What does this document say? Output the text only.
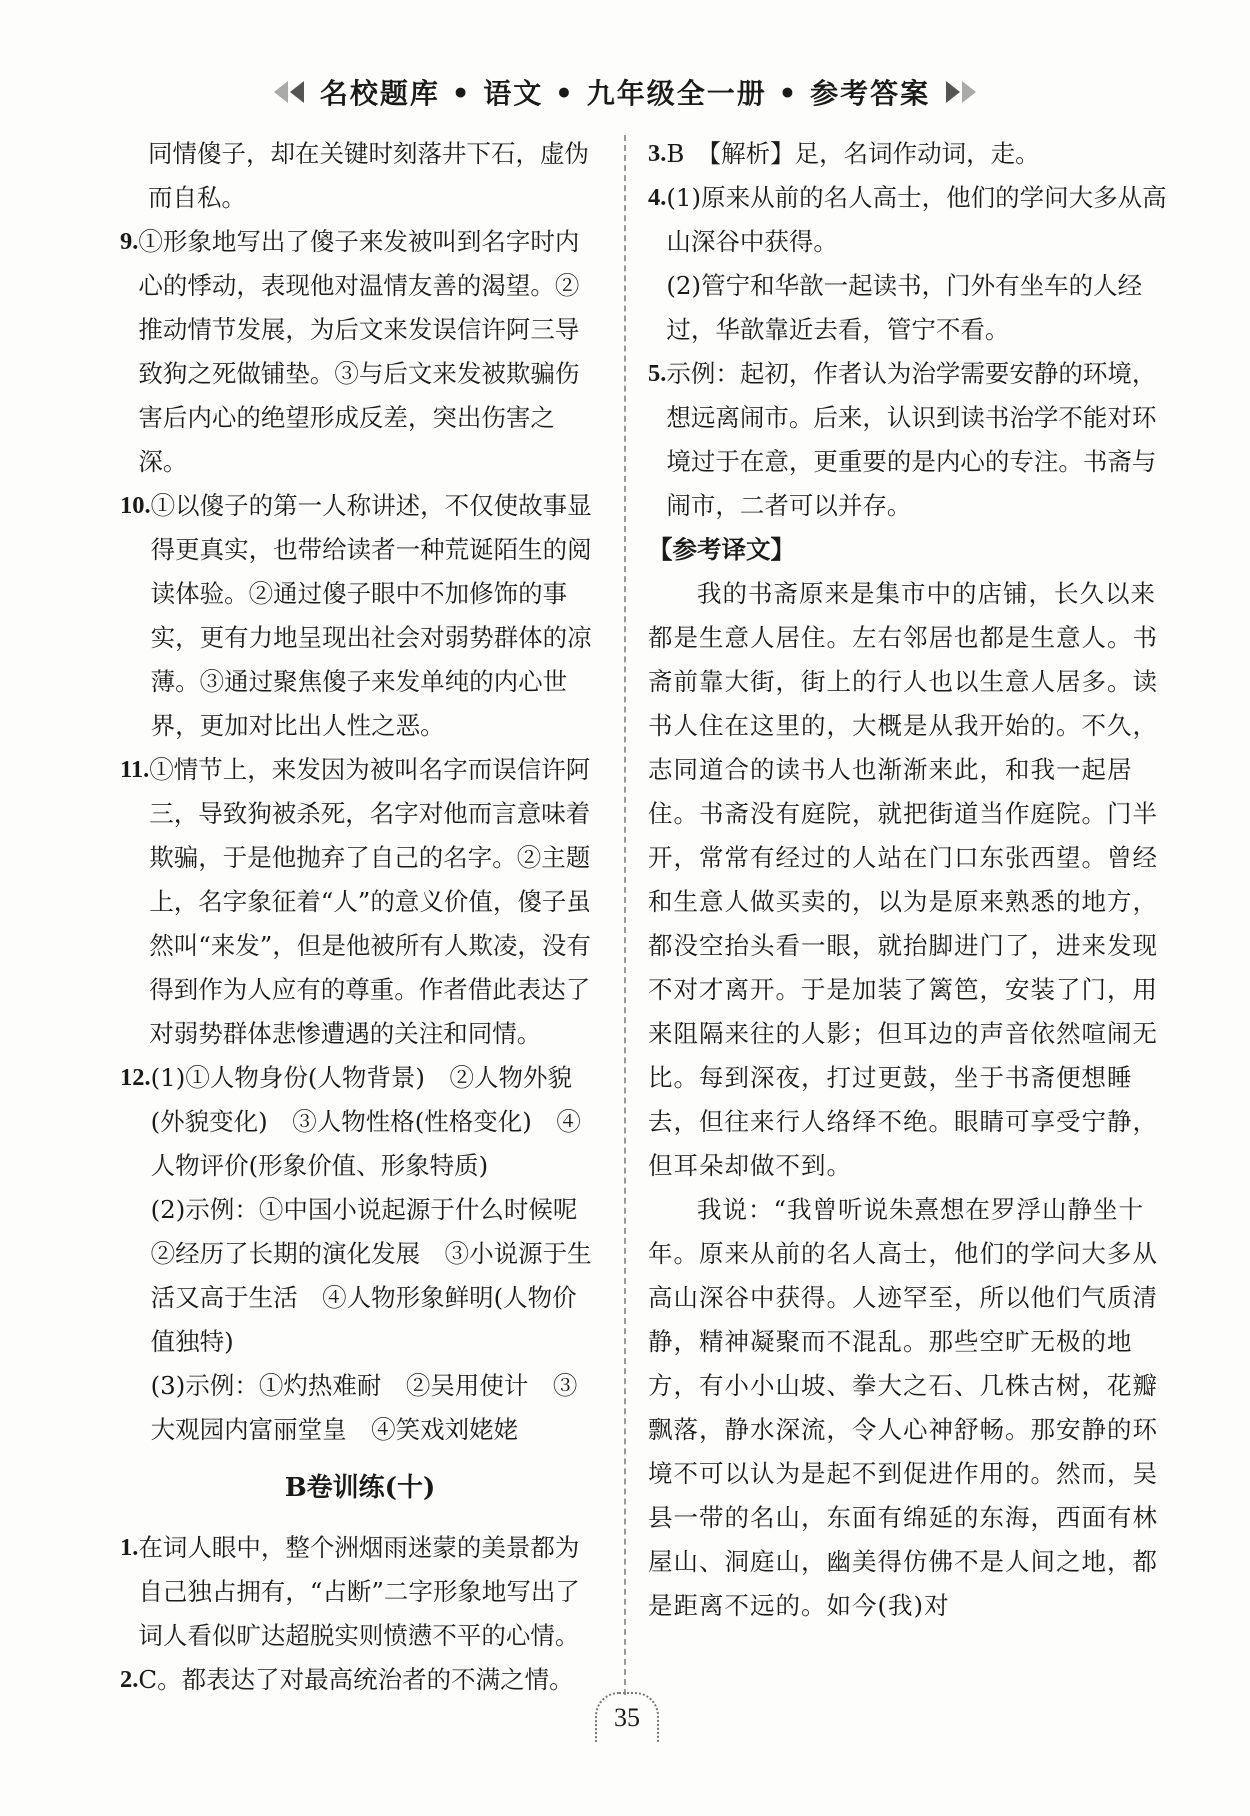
名校题库 • 语文 • 九年级全一册 • 参考答案

同情傻子，却在关键时刻落井下石，虚伪而自私。

9. ①形象地写出了傻子来发被叫到名字时内心的悸动，表现他对温情友善的渴望。②推动情节发展，为后文来发误信许阿三导致狗之死做铺垫。③与后文来发被欺骗伤害后内心的绝望形成反差，突出伤害之深。
10. ①以傻子的第一人称讲述，不仅使故事显得更真实，也带给读者一种荒诞陌生的阅读体验。②通过傻子眼中不加修饰的事实，更有力地呈现出社会对弱势群体的凉薄。③通过聚焦傻子来发单纯的内心世界，更加对比出人性之恶。
11. ①情节上，来发因为被叫名字而误信许阿三，导致狗被杀死，名字对他而言意味着欺骗，于是他抛弃了自己的名字。②主题上，名字象征着“人”的意义价值，傻子虽然叫“来发”，但是他被所有人欺凌，没有得到作为人应有的尊重。作者借此表达了对弱势群体悲惨遭遇的关注和同情。
12. (1)①人物身份(人物背景)　②人物外貌(外貌变化)　③人物性格(性格变化)　④人物评价(形象价值、形象特质)
(2)示例：①中国小说起源于什么时候呢　②经历了长期的演化发展　③小说源于生活又高于生活　④人物形象鲜明(人物价值独特)
(3)示例：①灼热难耐　②吴用使计　③大观园内富丽堂皇　④笑戏刘姥姥
B卷训练(十)
1. 在词人眼中，整个洲烟雨迷蒙的美景都为自己独占拥有，“占断”二字形象地写出了词人看似旷达超脱实则愤懑不平的心情。
2. C。都表达了对最高统治者的不满之情。
3. B　【解析】足，名词作动词，走。
4. (1)原来从前的名人高士，他们的学问大多从高山深谷中获得。
(2)管宁和华歆一起读书，门外有坐车的人经过，华歆靠近去看，管宁不看。
5. 示例：起初，作者认为治学需要安静的环境，想远离闹市。后来，认识到读书治学不能对环境过于在意，更重要的是内心的专注。书斋与闹市，二者可以并存。
【参考译文】

我的书斋原来是集市中的店铺，长久以来都是生意人居住。左右邻居也都是生意人。书斋前靠大街，街上的行人也以生意人居多。读书人住在这里的，大概是从我开始的。不久，志同道合的读书人也渐渐来此，和我一起居住。书斋没有庭院，就把街道当作庭院。门半开，常常有经过的人站在门口东张西望。曾经和生意人做买卖的，以为是原来熟悉的地方，都没空抬头看一眼，就抬脚进门了，进来发现不对才离开。于是加装了篱笆，安装了门，用来阻隔来往的人影；但耳边的声音依然喧闹无比。每到深夜，打过更鼓，坐于书斋便想睡去，但往来行人络绎不绝。眼睛可享受宁静，但耳朵却做不到。

我说：“我曾听说朱熹想在罗浮山静坐十年。原来从前的名人高士，他们的学问大多从高山深谷中获得。人迹罕至，所以他们气质清静，精神凝聚而不混乱。那些空旷无极的地方，有小小山坡、拳大之石、几株古树，花瓣飘落，静水深流，令人心神舒畅。那安静的环境不可以认为是起不到促进作用的。然而，吴县一带的名山，东面有绵延的东海，西面有林屋山、洞庭山，幽美得仿佛不是人间之地，都是距离不远的。如今(我)对

35
